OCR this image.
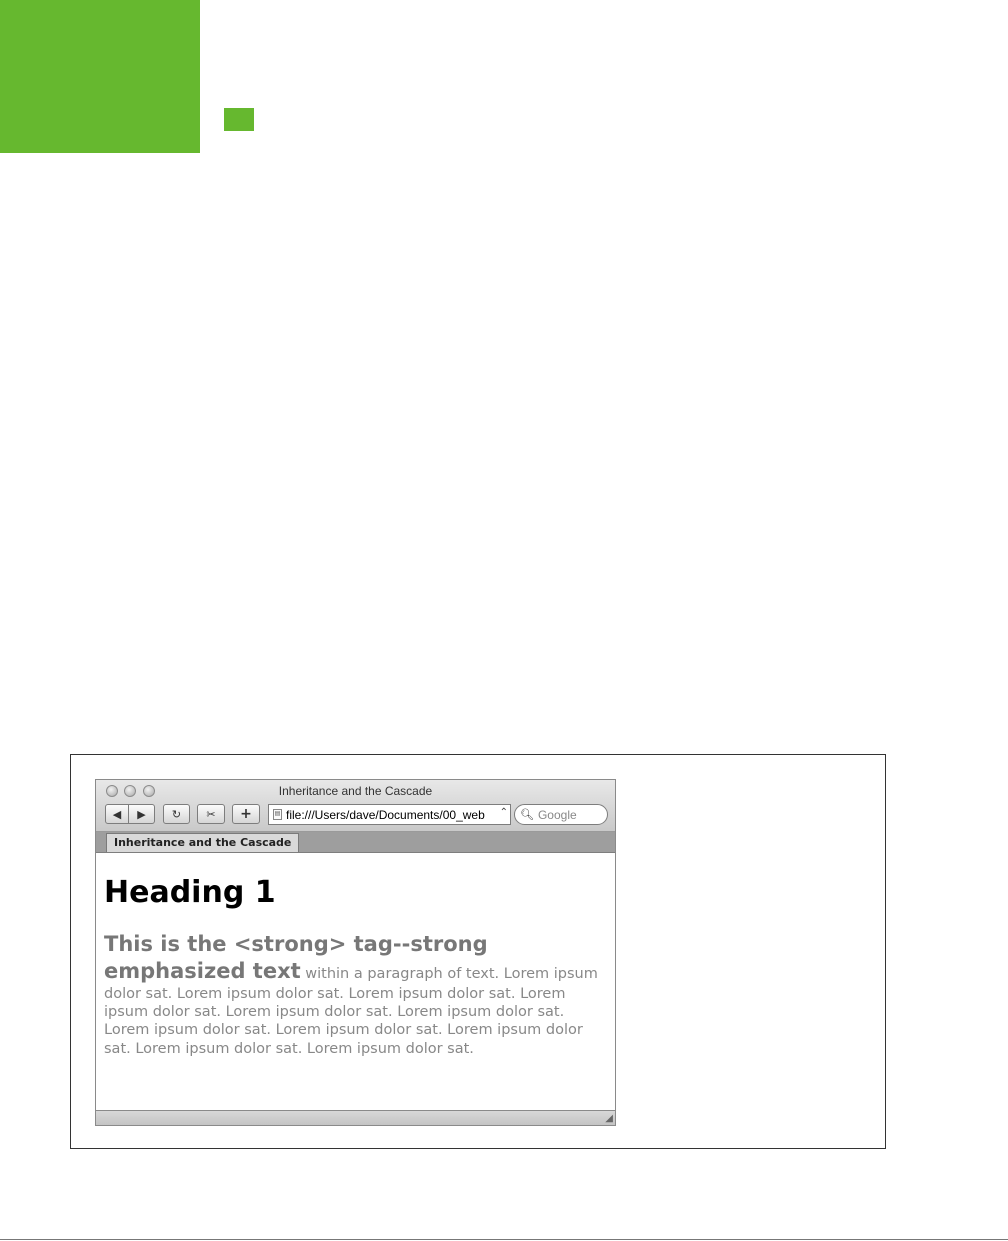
Inheritance and the Cascade
◀ ▶ ↻ ✂ +	▤ file:///Users/dave/Documents/00_web	⌃ 🔍︎ Google
Inheritance and the Cascade
Heading 1

This is the <strong> tag--strong emphasized text within a paragraph of text. Lorem ipsum dolor sat. Lorem ipsum dolor sat. Lorem ipsum dolor sat. Lorem ipsum dolor sat. Lorem ipsum dolor sat. Lorem ipsum dolor sat. Lorem ipsum dolor sat. Lorem ipsum dolor sat. Lorem ipsum dolor sat. Lorem ipsum dolor sat. Lorem ipsum dolor sat.

◢
